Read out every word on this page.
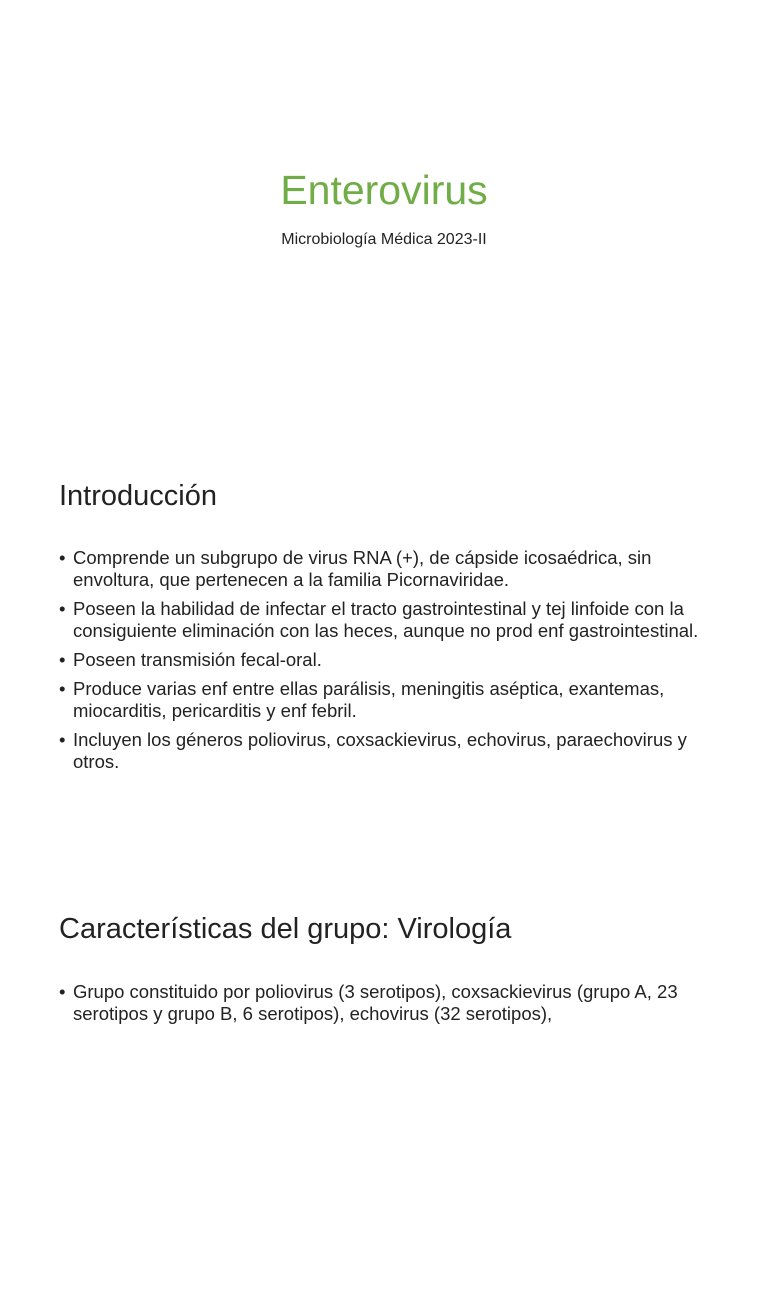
Enterovirus
Microbiología Médica 2023-II
Introducción
• Comprende un subgrupo de virus RNA (+), de cápside icosaédrica, sin envoltura, que pertenecen a la familia Picornaviridae.
• Poseen la habilidad de infectar el tracto gastrointestinal y tej linfoide con la consiguiente eliminación con las heces, aunque no prod enf gastrointestinal.
• Poseen transmisión fecal-oral.
• Produce varias enf entre ellas parálisis, meningitis aséptica, exantemas, miocarditis, pericarditis y enf febril.
• Incluyen los géneros poliovirus, coxsackievirus, echovirus, paraechovirus y otros.
Características del grupo: Virología
• Grupo constituido por poliovirus (3 serotipos), coxsackievirus (grupo A, 23 serotipos y grupo B, 6 serotipos), echovirus (32 serotipos),
